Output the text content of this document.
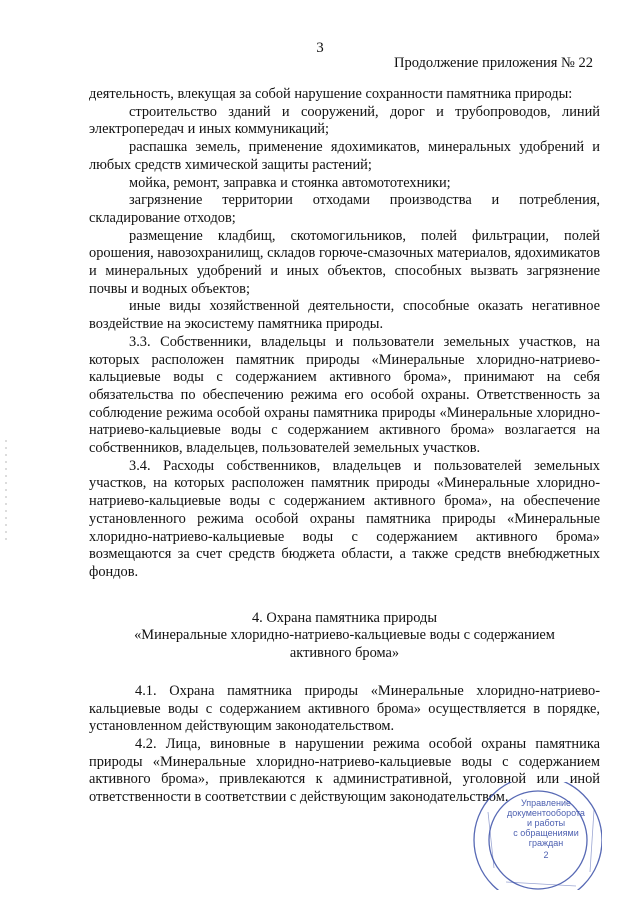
3
Продолжение приложения № 22

деятельность, влекущая за собой нарушение сохранности памятника природы:

строительство зданий и сооружений, дорог и трубопроводов, линий электропередач и иных коммуникаций;

распашка земель, применение ядохимикатов, минеральных удобрений и любых средств химической защиты растений;

мойка, ремонт, заправка и стоянка автомототехники;

загрязнение территории отходами производства и потребления, складирование отходов;

размещение кладбищ, скотомогильников, полей фильтрации, полей орошения, навозохранилищ, складов горюче-смазочных материалов, ядохимикатов и минеральных удобрений и иных объектов, способных вызвать загрязнение почвы и водных объектов;

иные виды хозяйственной деятельности, способные оказать негативное воздействие на экосистему памятника природы.

3.3. Собственники, владельцы и пользователи земельных участков, на которых расположен памятник природы «Минеральные хлоридно-натриево-кальциевые воды с содержанием активного брома», принимают на себя обязательства по обеспечению режима его особой охраны. Ответственность за соблюдение режима особой охраны памятника природы «Минеральные хлоридно-натриево-кальциевые воды с содержанием активного брома» возлагается на собственников, владельцев, пользователей земельных участков.

3.4. Расходы собственников, владельцев и пользователей земельных участков, на которых расположен памятник природы «Минеральные хлоридно-натриево-кальциевые воды с содержанием активного брома», на обеспечение установленного режима особой охраны памятника природы «Минеральные хлоридно-натриево-кальциевые воды с содержанием активного брома» возмещаются за счет средств бюджета области, а также средств внебюджетных фондов.

4. Охрана памятника природы

«Минеральные хлоридно-натриево-кальциевые воды с содержанием

активного брома»

4.1. Охрана памятника природы «Минеральные хлоридно-натриево-кальциевые воды с содержанием активного брома» осуществляется в порядке, установленном действующим законодательством.

4.2. Лица, виновные в нарушении режима особой охраны памятника природы «Минеральные хлоридно-натриево-кальциевые воды с содержанием активного брома», привлекаются к административной, уголовной или иной ответственности в соответствии с действующим законодательством.	Управление
документооборота
и работы
с обращениями
граждан
2
